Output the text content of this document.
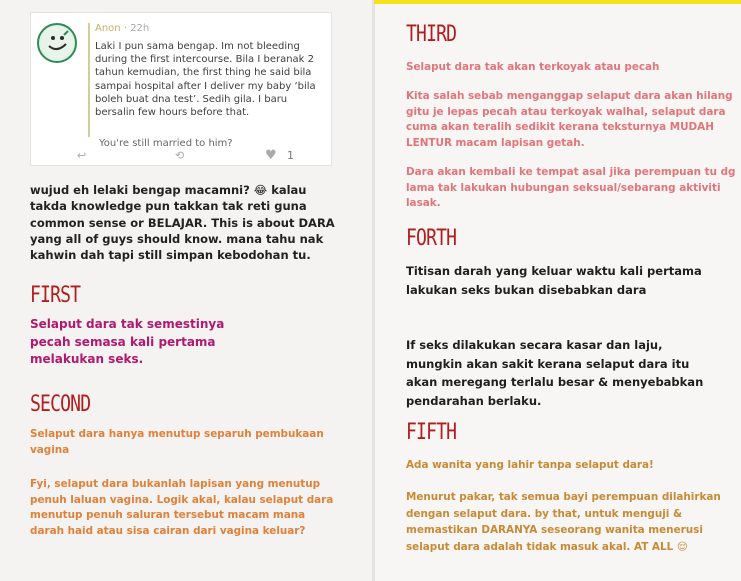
Anon · 22h

Laki I pun sama bengap. Im not bleeding during the first intercourse. Bila I beranak 2 tahun kemudian, the first thing he said bila sampai hospital after I deliver my baby ‘bila boleh buat dna test’. Sedih gila. I baru bersalin few hours before that.

You're still married to him?
↩	⟲	♥ 1

wujud eh lelaki bengap macamni? 😂 kalau takda knowledge pun takkan tak reti guna common sense or BELAJAR. This is about DARA yang all of guys should know. mana tahu nak kahwin dah tapi still simpan kebodohan tu.

FIRST

Selaput dara tak semestinya pecah semasa kali pertama melakukan seks.

SECOND

Selaput dara hanya menutup separuh pembukaan vagina

Fyi, selaput dara bukanlah lapisan yang menutup penuh laluan vagina. Logik akal, kalau selaput dara menutup penuh saluran tersebut macam mana darah haid atau sisa cairan dari vagina keluar?

THIRD

Selaput dara tak akan terkoyak atau pecah

Kita salah sebab menganggap selaput dara akan hilang gitu je lepas pecah atau terkoyak walhal, selaput dara cuma akan teralih sedikit kerana teksturnya MUDAH LENTUR macam lapisan getah.

Dara akan kembali ke tempat asal jika perempuan tu dg lama tak lakukan hubungan seksual/sebarang aktiviti lasak.

FORTH

Titisan darah yang keluar waktu kali pertama lakukan seks bukan disebabkan dara

If seks dilakukan secara kasar dan laju, mungkin akan sakit kerana selaput dara itu akan meregang terlalu besar & menyebabkan pendarahan berlaku.

FIFTH

Ada wanita yang lahir tanpa selaput dara!

Menurut pakar, tak semua bayi perempuan dilahirkan dengan selaput dara. by that, untuk menguji & memastikan DARANYA seseorang wanita menerusi selaput dara adalah tidak masuk akal. AT ALL 😌
